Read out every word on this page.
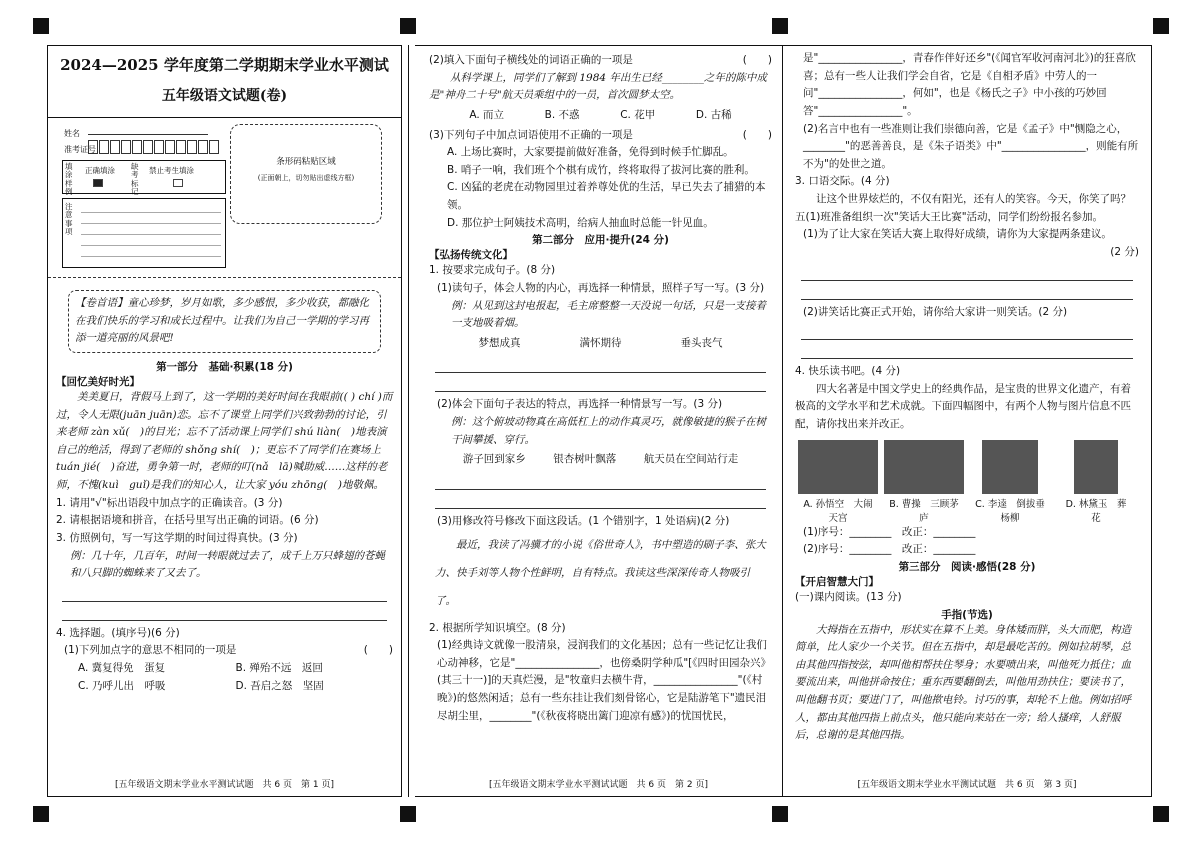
2024—2025 学年度第二学期期末学业水平测试
五年级语文试题(卷)
姓名
准考证号
填涂样例
正确填涂 缺考标记
禁止考生填涂
注意事项
条形码粘贴区域
(正面朝上，切勿贴出虚线方框)
【卷首语】童心珍梦，岁月如歌，多少感恨，多少收获，都融化在我们快乐的学习和成长过程中。让我们为自己一学期的学习再添一道亮丽的风景吧!
第一部分　基础·积累(18 分)
【回忆美好时光】
美美夏日，背假马上到了，这一学期的美好时间在我眼前(( ) chí )而过，令人无限(juān juān)恋。忘不了课堂上同学们兴致勃勃的讨论，引来老师 zàn xǔ(　)的目光；忘不了活动课上同学们 shú liàn(　)地表演自己的绝活，得到了老师的 shǒng shí(　)；更忘不了同学们在赛场上 tuán jié(　)奋进，勇争第一时，老师的叮(nǎ　lā)喊助威……这样的老师，不愧(kuì　guǐ)是我们的知心人，让大家 yóu zhōng(　)地敬佩。
1. 请用"√"标出语段中加点字的正确读音。(3 分)
2. 请根据语境和拼音，在括号里写出正确的词语。(6 分)
3. 仿照例句，写一写这学期的时间过得真快。(3 分)
例：几十年，几百年，时间一转眼就过去了，成千上万只蜂翅的苍蝇和八只脚的蜘蛛来了又去了。
4. 选择题。(填序号)(6 分)
(1)下列加点字的意思不相同的一项是	(　　)
A. 冀复得免　蛋复	B. 殚殆不远　返回
C. 乃呼儿出　呼吸	D. 吾启之怒　坚固
[五年级语文期末学业水平测试试题　共 6 页　第 1 页]
(2)填入下面句子横线处的词语正确的一项是	(　　)
从科学课上，同学们了解到 1984 年出生已经________之年的陈中成是"神舟二十号"航天员乘组中的一员，首次圆梦太空。
A. 而立	B. 不惑	C. 花甲	D. 古稀
(3)下列句子中加点词语使用不正确的一项是	(　　)
A. 上场比赛时，大家要提前做好准备，免得到时候手忙脚乱。
B. 哨子一响，我们班个个棋有成竹，终将取得了拔河比赛的胜利。
C. 凶猛的老虎在动物园里过着养尊处优的生活，早已失去了捕猎的本领。
D. 那位护士阿姨技术高明，给病人抽血时总能一针见血。
第二部分　应用·提升(24 分)
【弘扬传统文化】
1. 按要求完成句子。(8 分)
(1)读句子，体会人物的内心，再选择一种情景，照样子写一写。(3 分)
例：从见到这封电报起，毛主席整整一天没说一句话，只是一支接着一支地吸着烟。
梦想成真	满怀期待	垂头丧气
(2)体会下面句子表达的特点，再选择一种情景写一写。(3 分)
例：这个俯坡动物真在高低杠上的动作真灵巧，就像敏捷的猴子在树干间攀援、穿行。
游子回到家乡	银杏树叶飘落	航天员在空间站行走
(3)用修改符号修改下面这段话。(1 个错别字，1 处语病)(2 分)
最近，我读了冯骥才的小说《俗世奇人》，书中塑造的刷子李、张大力、快手刘等人物个性鲜明，自有特点。我读这些深深传奇人物吸引了。
2. 根据所学知识填空。(8 分)
(1)经典诗文就像一股清泉，浸润我们的文化基因；总有一些记忆让我们心动神移，它是"________________，也傍桑阴学种瓜"[《四时田园杂兴》(其三十一)]的天真烂漫，是"牧童归去横牛背，________________"(《村晚》)的悠然闲适；总有一些东挂让我们刻骨铭心，它是陆游笔下"遗民泪尽胡尘里，________"(《秋夜将晓出篱门迎凉有感》)的忧国忧民，
[五年级语文期末学业水平测试试题　共 6 页　第 2 页]
是"________________，青春作伴好还乡"(《闻官军收河南河北》)的狂喜欣喜；总有一些人让我们学会自省，它是《自相矛盾》中劳人的一问"________________，何如"，也是《杨氏之子》中小孩的巧妙回答"________________"。
(2)名言中也有一些准则让我们崇德向善，它是《孟子》中"恻隐之心，________"的恶善善良，是《朱子语类》中"________________，则能有所不为"的处世之道。
3. 口语交际。(4 分)
让这个世界炫烂的，不仅有阳光，还有人的笑容。今天，你笑了吗？五(1)班准备组织一次"笑话大王比赛"活动，同学们纷纷报名参加。
(1)为了让大家在笑话大赛上取得好成绩，请你为大家提两条建议。
(2 分)
(2)讲笑话比赛正式开始，请你给大家讲一则笑话。(2 分)
4. 快乐读书吧。(4 分)
四大名著是中国文学史上的经典作品，是宝贵的世界文化遗产，有着极高的文学水平和艺术成就。下面四幅图中，有两个人物与图片信息不匹配，请你找出来并改正。
A. 孙悟空　大闹天宫
B. 曹操　三顾茅庐
C. 李逵　倒拔垂杨柳
D. 林黛玉　葬花
(1)序号：________　改正：________
(2)序号：________　改正：________
第三部分　阅读·感悟(28 分)
【开启智慧大门】
(一)课内阅读。(13 分)
手指(节选)
大拇指在五指中，形状实在算不上美。身体矮而胖，头大而肥，构造简单，比人家少一个关节。但在五指中，却是最吃苦的。例如拉胡琴，总由其他四指按弦，却叫他相帮扶住琴身；水要喷出来，叫他死力抵住；血要流出来，叫他拼命按住；重东西要翻倒去，叫他用劲扶住；要读书了，叫他翻书页；要进门了，叫他揿电铃。讨巧的事，却轮不上他。例如招呼人，都由其他四指上前点头，他只能向来站在一旁；给人搔痒，人舒服后，总谢的是其他四指。
[五年级语文期末学业水平测试试题　共 6 页　第 3 页]
